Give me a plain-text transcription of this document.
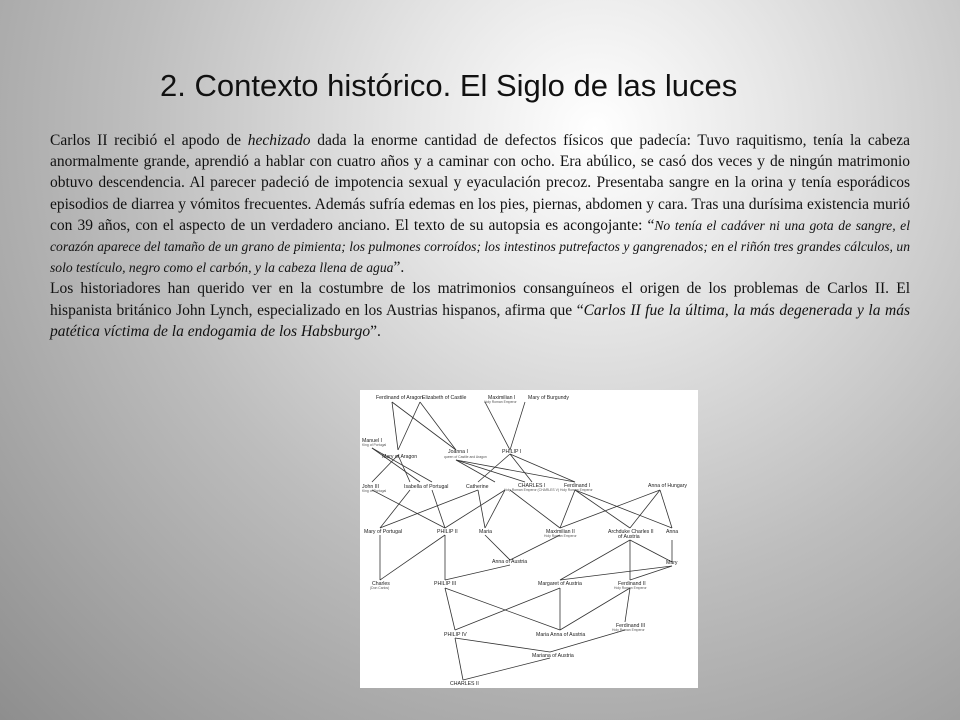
2. Contexto histórico. El Siglo de las luces

Carlos II recibió el apodo de hechizado dada la enorme cantidad de defectos físicos que padecía: Tuvo raquitismo, tenía la cabeza anormalmente grande, aprendió a hablar con cuatro años y a caminar con ocho. Era abúlico, se casó dos veces y de ningún matrimonio obtuvo descendencia. Al parecer padeció de impotencia sexual y eyaculación precoz. Presentaba sangre en la orina y tenía esporádicos episodios de diarrea y vómitos frecuentes. Además sufría edemas en los pies, piernas, abdomen y cara. Tras una durísima existencia murió con 39 años, con el aspecto de un verdadero anciano. El texto de su autopsia es acongojante: “No tenía el cadáver ni una gota de sangre, el corazón aparece del tamaño de un grano de pimienta; los pulmones corroídos; los intestinos putrefactos y gangrenados; en el riñón tres grandes cálculos, un solo testículo, negro como el carbón, y la cabeza llena de agua”.

Los historiadores han querido ver en la costumbre de los matrimonios consanguíneos el origen de los problemas de Carlos II. El hispanista británico John Lynch, especializado en los Austrias hispanos, afirma que “Carlos II fue la última, la más degenerada y la más patética víctima de la endogamia de los Habsburgo”.

Ferdinand of Aragon
Elizabeth of Castile	Maximilian I
Holy Roman Emperor
Mary of Burgundy
Manuel I
King of Portugal
Mary of Aragon
Joanna I
queen of Castile and Aragon
PHILIP I
John III
King of Portugal
Isabella of Portugal	Catherine	CHARLES I
Holy Roman Emperor (CHARLES V)
Ferdinand I
Holy Roman Emperor
Anna of Hungary
Mary of Portugal	PHILIP II	Maria	Maximilian II
Holy Roman Emperor
Archduke Charles II
of Austria
Anna
Anna of Austria	Mary
Charles
(Don Carlos)
PHILIP III	Margaret of Austria	Ferdinand II
Holy Roman Emperor
Ferdinand III
Holy Roman Emperor
PHILIP IV	Maria Anna of Austria
Mariana of Austria
CHARLES II
